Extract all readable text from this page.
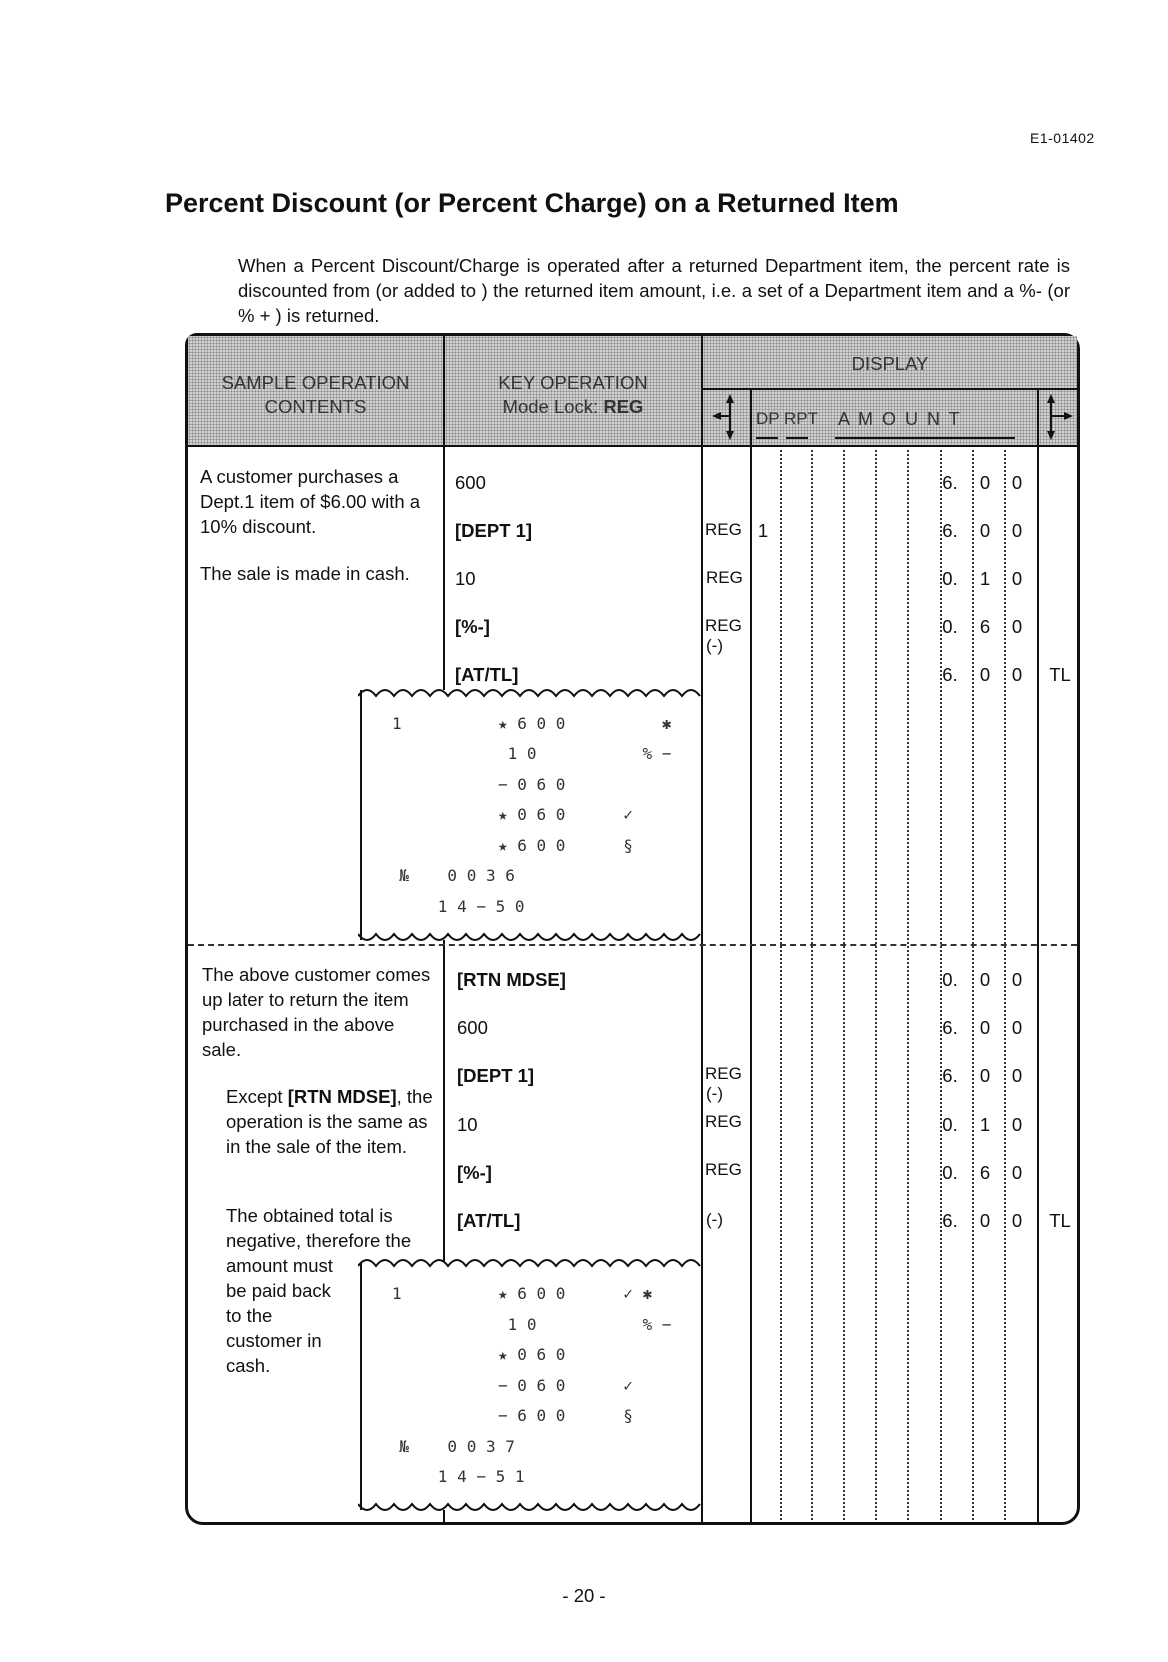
E1-01402
Percent Discount (or Percent Charge) on a Returned Item
When a Percent Discount/Charge is operated after a returned Department item, the percent rate is discounted from (or added to ) the returned item amount, i.e. a set of a Department item and a %- (or % + ) is returned.
SAMPLE OPERATION
CONTENTS
KEY OPERATION
Mode Lock: REG
DISPLAY
DP RPT A M O U N T
A customer purchases a Dept.1 item of $6.00 with a 10% discount.
The sale is made in cash.
600
[DEPT 1]
10
[%-]
[AT/TL]
REG
REG
REG
(-)
1
6. 0 0
6. 0 0
0. 1 0
0. 6 0
6. 0 0 TL
1          ★ 6 0 0          ✱
1 0           % −
− 0 6 0
★ 0 6 0      ✓
★ 6 0 0      §
№    0 0 3 6
1 4 − 5 0
The above customer comes up later to return the item purchased in the above sale.
Except [RTN MDSE], the operation is the same as in the sale of the item.
The obtained total is negative, therefore the
amount must be paid back to the customer in cash.
[RTN MDSE]
600
[DEPT 1]
10
[%-]
[AT/TL]
REG
(-)
REG
REG
(-)
0. 0 0
6. 0 0
6. 0 0
0. 1 0
0. 6 0
6. 0 0 TL
1          ★ 6 0 0      ✓ ✱
1 0           % −
★ 0 6 0
− 0 6 0      ✓
− 6 0 0      §
№    0 0 3 7
1 4 − 5 1
- 20 -
